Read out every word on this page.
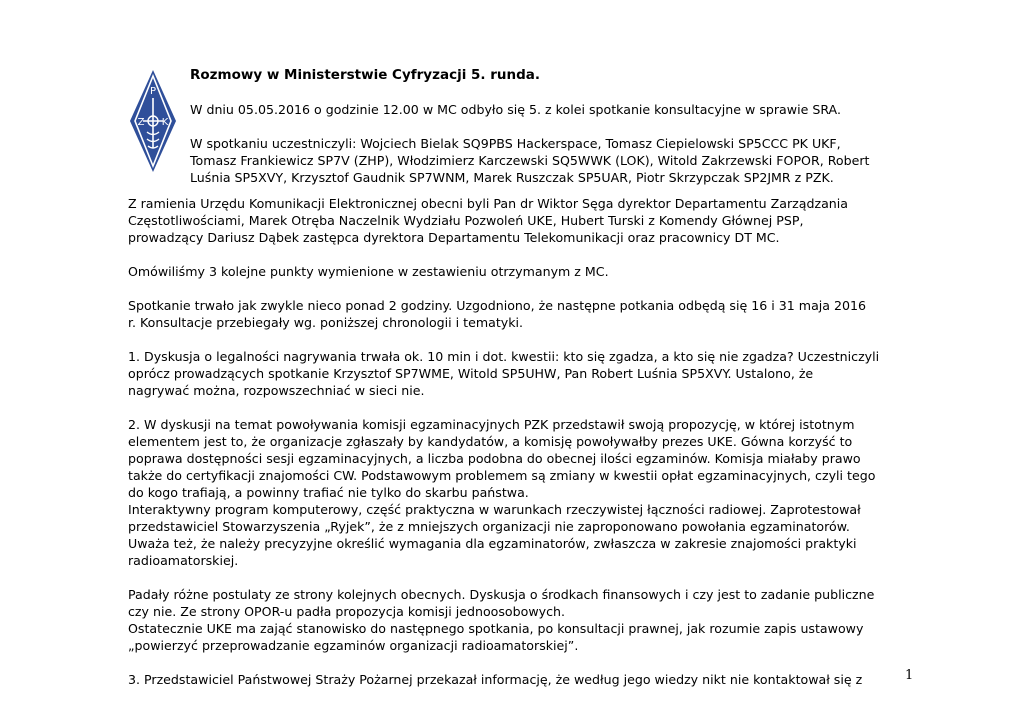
P
Z K

Rozmowy w Ministerstwie Cyfryzacji 5. runda.

W dniu 05.05.2016 o godzinie 12.00 w MC odbyło się 5. z kolei spotkanie konsultacyjne w sprawie SRA.

W spotkaniu uczestniczyli: Wojciech Bielak SQ9PBS Hackerspace, Tomasz Ciepielowski SP5CCC PK UKF,

Tomasz Frankiewicz SP7V (ZHP), Włodzimierz Karczewski SQ5WWK (LOK), Witold Zakrzewski FOPOR, Robert

Luśnia SP5XVY, Krzysztof Gaudnik SP7WNM, Marek Ruszczak SP5UAR, Piotr Skrzypczak SP2JMR z PZK.

Z ramienia Urzędu Komunikacji Elektronicznej obecni byli Pan dr Wiktor Sęga dyrektor Departamentu Zarządzania

Częstotliwościami, Marek Otręba Naczelnik Wydziału Pozwoleń UKE, Hubert Turski z Komendy Głównej PSP,

prowadzący Dariusz Dąbek zastępca dyrektora Departamentu Telekomunikacji oraz pracownicy DT MC.

Omówiliśmy 3 kolejne punkty wymienione w zestawieniu otrzymanym z MC.

Spotkanie trwało jak zwykle nieco ponad 2 godziny. Uzgodniono, że następne potkania odbędą się 16 i 31 maja 2016

r. Konsultacje przebiegały wg. poniższej chronologii i tematyki.

1. Dyskusja o legalności nagrywania trwała ok. 10 min i dot. kwestii: kto się zgadza, a kto się nie zgadza? Uczestniczyli

oprócz prowadzących spotkanie Krzysztof SP7WME, Witold SP5UHW, Pan Robert Luśnia SP5XVY. Ustalono, że

nagrywać można, rozpowszechniać w sieci nie.

2. W dyskusji na temat powoływania komisji egzaminacyjnych PZK przedstawił swoją propozycję, w której istotnym

elementem jest to, że organizacje zgłaszały by kandydatów, a komisję powoływałby prezes UKE. Gówna korzyść to

poprawa dostępności sesji egzaminacyjnych, a liczba podobna do obecnej ilości egzaminów. Komisja miałaby prawo

także do certyfikacji znajomości CW. Podstawowym problemem są zmiany w kwestii opłat egzaminacyjnych, czyli tego

do kogo trafiają, a powinny trafiać nie tylko do skarbu państwa.

Interaktywny program komputerowy, część praktyczna w warunkach rzeczywistej łączności radiowej. Zaprotestował

przedstawiciel Stowarzyszenia „Ryjek”, że z mniejszych organizacji nie zaproponowano powołania egzaminatorów.

Uważa też, że należy precyzyjne określić wymagania dla egzaminatorów, zwłaszcza w zakresie znajomości praktyki

radioamatorskiej.

Padały różne postulaty ze strony kolejnych obecnych. Dyskusja o środkach finansowych i czy jest to zadanie publiczne

czy nie. Ze strony OPOR-u padła propozycja komisji jednoosobowych.

Ostatecznie UKE ma zająć stanowisko do następnego spotkania, po konsultacji prawnej, jak rozumie zapis ustawowy

„powierzyć przeprowadzanie egzaminów organizacji radioamatorskiej”.

3. Przedstawiciel Państwowej Straży Pożarnej przekazał informację, że według jego wiedzy nikt nie kontaktował się z	1
